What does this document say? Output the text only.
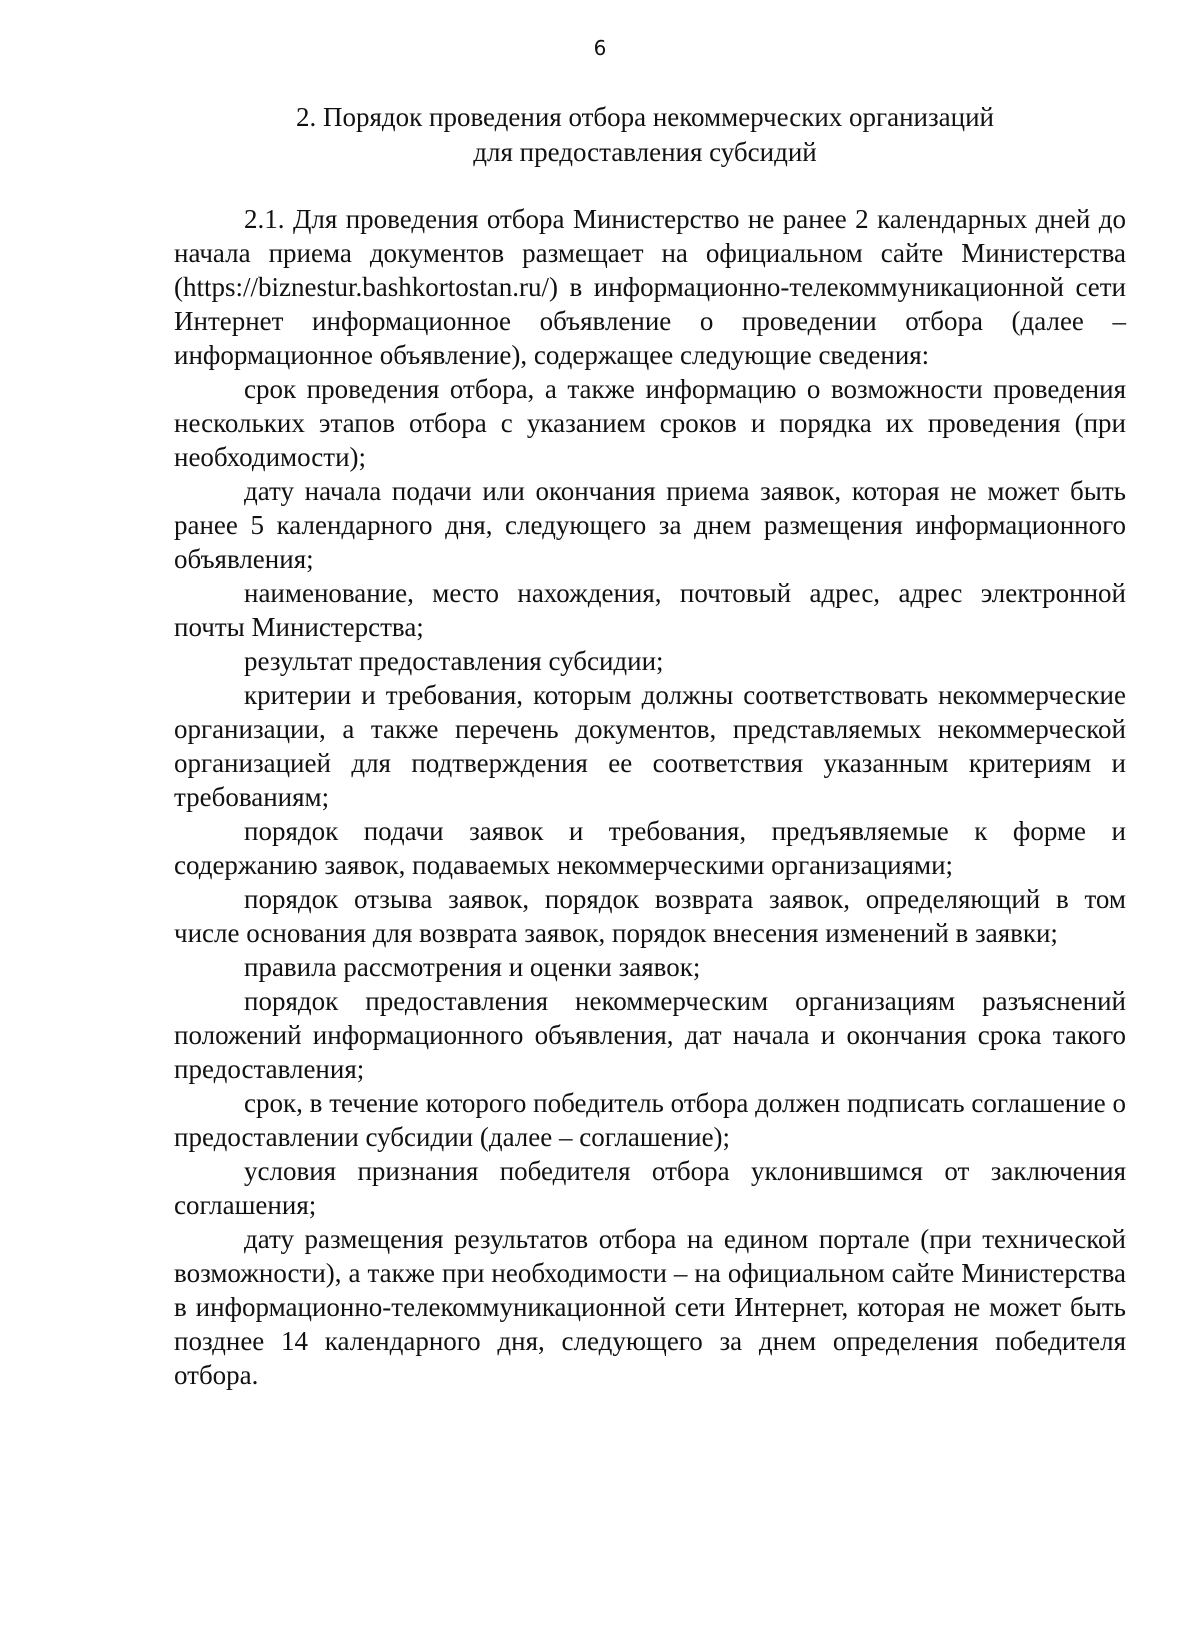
6
2. Порядок проведения отбора некоммерческих организаций
для предоставления субсидий

2.1. Для проведения отбора Министерство не ранее 2 календарных дней до начала приема документов размещает на официальном сайте Министерства (https://biznestur.bashkortostan.ru/) в информационно-телекоммуникационной сети Интернет информационное объявление о проведении отбора (далее – информационное объявление), содержащее следующие сведения:

срок проведения отбора, а также информацию о возможности проведения нескольких этапов отбора с указанием сроков и порядка их проведения (при необходимости);

дату начала подачи или окончания приема заявок, которая не может быть ранее 5 календарного дня, следующего за днем размещения информационного объявления;

наименование, место нахождения, почтовый адрес, адрес электронной почты Министерства;

результат предоставления субсидии;

критерии и требования, которым должны соответствовать некоммерческие организации, а также перечень документов, представляемых некоммерческой организацией для подтверждения ее соответствия указанным критериям и требованиям;

порядок подачи заявок и требования, предъявляемые к форме и содержанию заявок, подаваемых некоммерческими организациями;

порядок отзыва заявок, порядок возврата заявок, определяющий в том числе основания для возврата заявок, порядок внесения изменений в заявки;

правила рассмотрения и оценки заявок;

порядок предоставления некоммерческим организациям разъяснений положений информационного объявления, дат начала и окончания срока такого предоставления;

срок, в течение которого победитель отбора должен подписать соглашение о предоставлении субсидии (далее – соглашение);

условия признания победителя отбора уклонившимся от заключения соглашения;

дату размещения результатов отбора на едином портале (при технической возможности), а также при необходимости – на официальном сайте Министерства в информационно-телекоммуникационной сети Интернет, которая не может быть позднее 14 календарного дня, следующего за днем определения победителя отбора.
